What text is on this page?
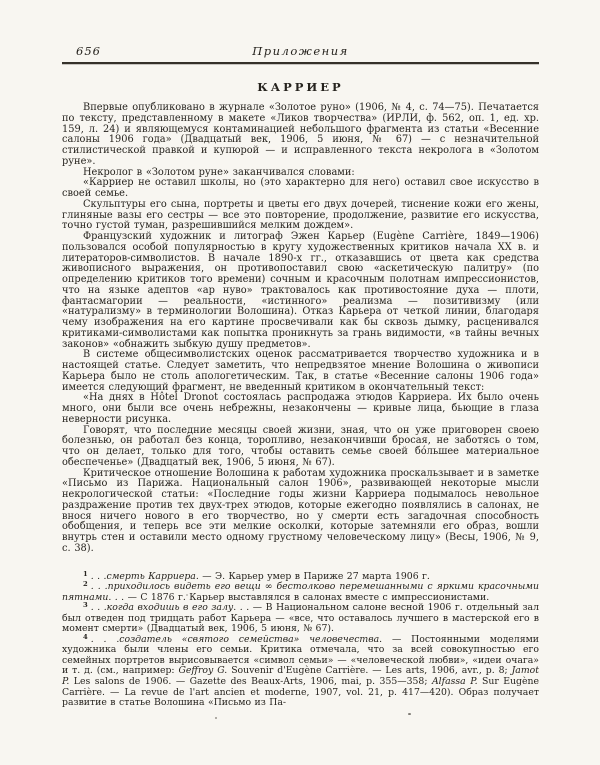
656	Приложения
КАРРИЕР

Впервые опубликовано в журнале «Золотое руно» (1906, № 4, с. 74—75). Печатается по тексту, представленному в макете «Ликов творчества» (ИРЛИ, ф. 562, оп. 1, ед. хр. 159, л. 24) и являющемуся контаминацией небольшого фрагмента из статьи «Весенние салоны 1906 года» (Двадцатый век, 1906, 5 июня, № 67) — с незначительной стилистической правкой и купюрой — и исправленного текста некролога в «Золотом руне».

Некролог в «Золотом руне» заканчивался словами:

«Карриер не оставил школы, но (это характерно для него) оставил свое искусство в своей семье.

Скульптуры его сына, портреты и цветы его двух дочерей, тиснение кожи его жены, глиняные вазы его сестры — все это повторение, продолжение, развитие его искусства, точно густой туман, разрешившийся мелким дождем».

Французский художник и литограф Эжен Карьер (Eugène Carrière, 1849—1906) пользовался особой популярностью в кругу художественных критиков начала XX в. и литераторов-символистов. В начале 1890-х гг., отказавшись от цвета как средства живописного выражения, он противопоставил свою «аскетическую палитру» (по определению критиков того времени) сочным и красочным полотнам импрессионистов, что на языке адептов «ар нуво» трактовалось как противостояние духа — плоти, фантасмагории — реальности, «истинного» реализма — позитивизму (или «натурализму» в терминологии Волошина). Отказ Карьера от четкой линии, благодаря чему изображения на его картине просвечивали как бы сквозь дымку, расценивался критиками-символистами как попытка проникнуть за грань видимости, «в тайны вечных законов» «обнажить зыбкую душу предметов».

В системе общесимволистских оценок рассматривается творчество художника и в настоящей статье. Следует заметить, что непредвзятое мнение Волошина о живописи Карьера было не столь апологетическим. Так, в статье «Весенние салоны 1906 года» имеется следующий фрагмент, не введенный критиком в окончательный текст:

«На днях в Hôtel Dronot состоялась распродажа этюдов Карриера. Их было очень много, они были все очень небрежны, незакончены — кривые лица, бьющие в глаза неверности рисунка.

Говорят, что последние месяцы своей жизни, зная, что он уже приговорен своею болезнью, он работал без конца, торопливо, незакончивши бросая, не заботясь о том, что он делает, только для того, чтобы оставить семье своей бо́льшее материальное обеспеченье» (Двадцатый век, 1906, 5 июня, № 67).

Критическое отношение Волошина к работам художника проскальзывает и в заметке «Письмо из Парижа. Национальный салон 1906», развивающей некоторые мысли некрологической статьи: «Последние годы жизни Карриера подымалось невольное раздражение против тех двух-трех этюдов, которые ежегодно появлялись в салонах, не внося ничего нового в его творчество, но у смерти есть загадочная способность обобщения, и теперь все эти мелкие осколки, которые затемняли его образ, вошли внутрь стен и оставили место одному грустному человеческому лицу» (Весы, 1906, № 9, с. 38).

$^1$ . . .смерть Карриера. — Э. Карьер умер в Париже 27 марта 1906 г.

$^2$ . . .приходилось видеть его вещи ∞ бестолково перемешанными с яркими красочными пятнами. . . — С 1876 г. Карьер выставлялся в салонах вместе с импрессионистами.

$^3$ . . .когда входишь в его залу. . . — В Национальном салоне весной 1906 г. отдельный зал был отведен под тридцать работ Карьера — «все, что оставалось лучшего в мастерской его в момент смерти» (Двадцатый век, 1906, 5 июня, № 67).

$^4$ . . .создатель «святого семейства» человечества. — Постоянными моделями художника были члены его семьи. Критика отмечала, что за всей совокупностью его семейных портретов вырисовывается «символ семьи» — «человеческой любви», «идеи очага» и т. д. (см., например: Geffroy G. Souvenir d'Eugène Carrière. — Les arts, 1906, avr., p. 8; Jamot P. Les salons de 1906. — Gazette des Beaux-Arts, 1906, mai, p. 355—358; Alfassa P. Sur Eugène Carrière. — La revue de l'art ancien et moderne, 1907, vol. 21, p. 417—420). Образ получает развитие в статье Волошина «Письмо из Па-
